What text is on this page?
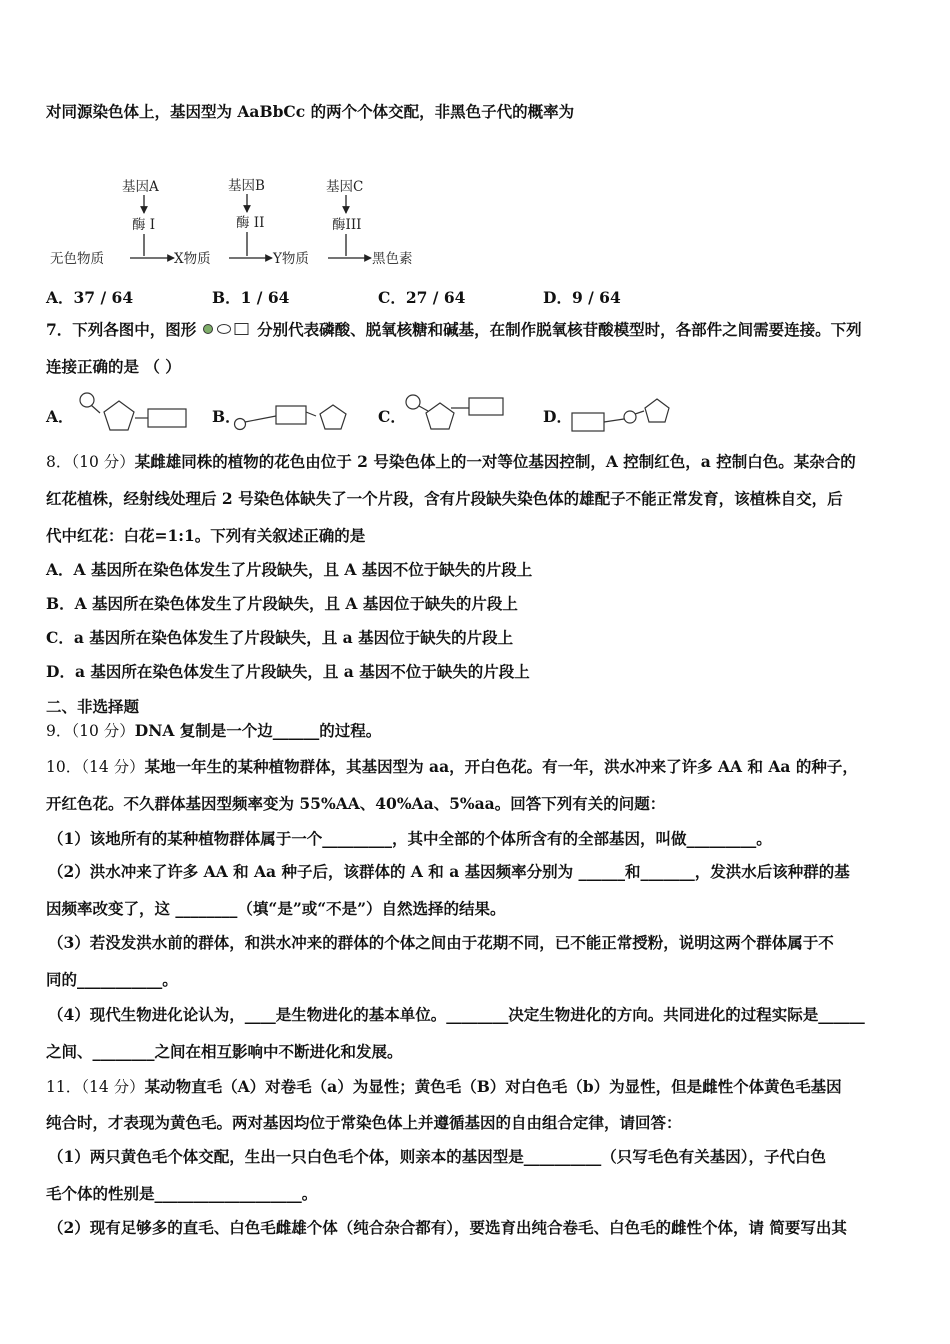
对同源染色体上，基因型为 AaBbCc 的两个个体交配，非黑色子代的概率为
基因A	基因B	基因C
酶 I	酶 II	酶III
无色物质	X物质	Y物质	黑色素
A．37 / 64	B．1 / 64	C．27 / 64	D．9 / 64
7．下列各图中，图形	分别代表磷酸、脱氧核糖和碱基，在制作脱氧核苷酸模型时，各部件之间需要连接。下列
连接正确的是 （ ）
A．	B．	C．	D．
8．（10 分）某雌雄同株的植物的花色由位于 2 号染色体上的一对等位基因控制，A 控制红色，a 控制白色。某杂合的
红花植株，经射线处理后 2 号染色体缺失了一个片段，含有片段缺失染色体的雄配子不能正常发育，该植株自交，后
代中红花：白花=1:1。下列有关叙述正确的是
A．A 基因所在染色体发生了片段缺失，且 A 基因不位于缺失的片段上
B．A 基因所在染色体发生了片段缺失，且 A 基因位于缺失的片段上
C．a 基因所在染色体发生了片段缺失，且 a 基因位于缺失的片段上
D．a 基因所在染色体发生了片段缺失，且 a 基因不位于缺失的片段上
二、非选择题
9．（10 分）DNA 复制是一个边______的过程。
10．（14 分）某地一年生的某种植物群体，其基因型为 aa，开白色花。有一年，洪水冲来了许多 AA 和 Aa 的种子，
开红色花。不久群体基因型频率变为 55%AA、40%Aa、5%aa。回答下列有关的问题：
（1）该地所有的某种植物群体属于一个_________，其中全部的个体所含有的全部基因，叫做_________。
（2）洪水冲来了许多 AA 和 Aa 种子后，该群体的 A 和 a 基因频率分别为 ______和_______，发洪水后该种群的基
因频率改变了，这 ________（填“是”或“不是”）自然选择的结果。
（3）若没发洪水前的群体，和洪水冲来的群体的个体之间由于花期不同，已不能正常授粉，说明这两个群体属于不
同的___________。
（4）现代生物进化论认为，____是生物进化的基本单位。________决定生物进化的方向。共同进化的过程实际是______
之间、________之间在相互影响中不断进化和发展。
11．（14 分）某动物直毛（A）对卷毛（a）为显性；黄色毛（B）对白色毛（b）为显性，但是雌性个体黄色毛基因
纯合时，才表现为黄色毛。两对基因均位于常染色体上并遵循基因的自由组合定律，请回答：
（1）两只黄色毛个体交配，生出一只白色毛个体，则亲本的基因型是__________（只写毛色有关基因），子代白色
毛个体的性别是___________________。
（2）现有足够多的直毛、白色毛雌雄个体（纯合杂合都有），要选育出纯合卷毛、白色毛的雌性个体，请 简要写出其
